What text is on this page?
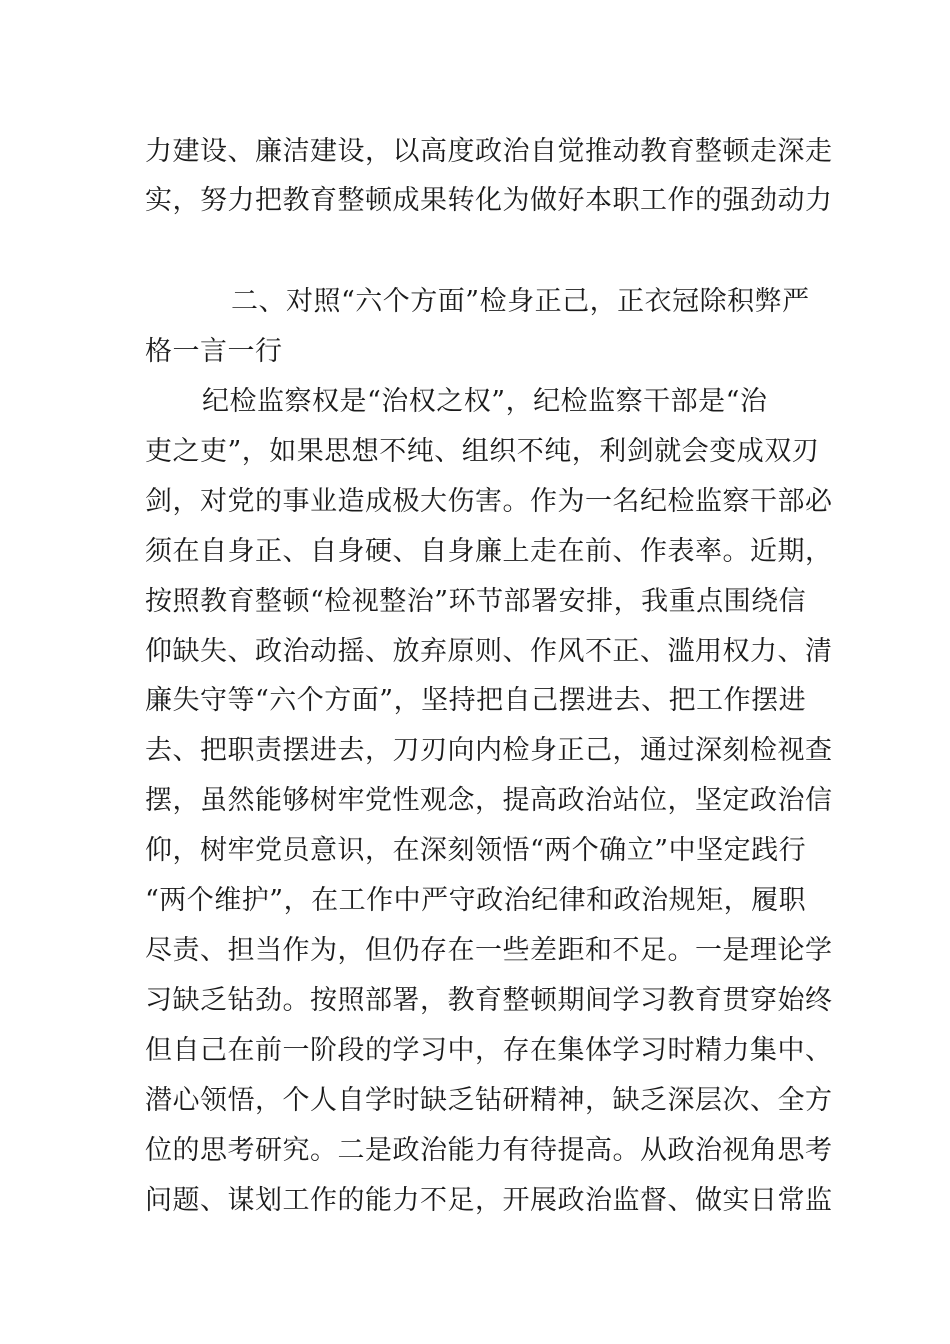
力建设、廉洁建设，以高度政治自觉推动教育整顿走深走
实，努力把教育整顿成果转化为做好本职工作的强劲动力
二、对照“六个方面”检身正己，正衣冠除积弊严
格一言一行
纪检监察权是“治权之权”，纪检监察干部是“治
吏之吏”，如果思想不纯、组织不纯，利剑就会变成双刃
剑，对党的事业造成极大伤害。作为一名纪检监察干部必
须在自身正、自身硬、自身廉上走在前、作表率。近期，
按照教育整顿“检视整治”环节部署安排，我重点围绕信
仰缺失、政治动摇、放弃原则、作风不正、滥用权力、清
廉失守等“六个方面”，坚持把自己摆进去、把工作摆进
去、把职责摆进去，刀刃向内检身正己，通过深刻检视查
摆，虽然能够树牢党性观念，提高政治站位，坚定政治信
仰，树牢党员意识，在深刻领悟“两个确立”中坚定践行
“两个维护”，在工作中严守政治纪律和政治规矩，履职
尽责、担当作为，但仍存在一些差距和不足。一是理论学
习缺乏钻劲。按照部署，教育整顿期间学习教育贯穿始终
但自己在前一阶段的学习中，存在集体学习时精力集中、
潜心领悟，个人自学时缺乏钻研精神，缺乏深层次、全方
位的思考研究。二是政治能力有待提高。从政治视角思考
问题、谋划工作的能力不足，开展政治监督、做实日常监
